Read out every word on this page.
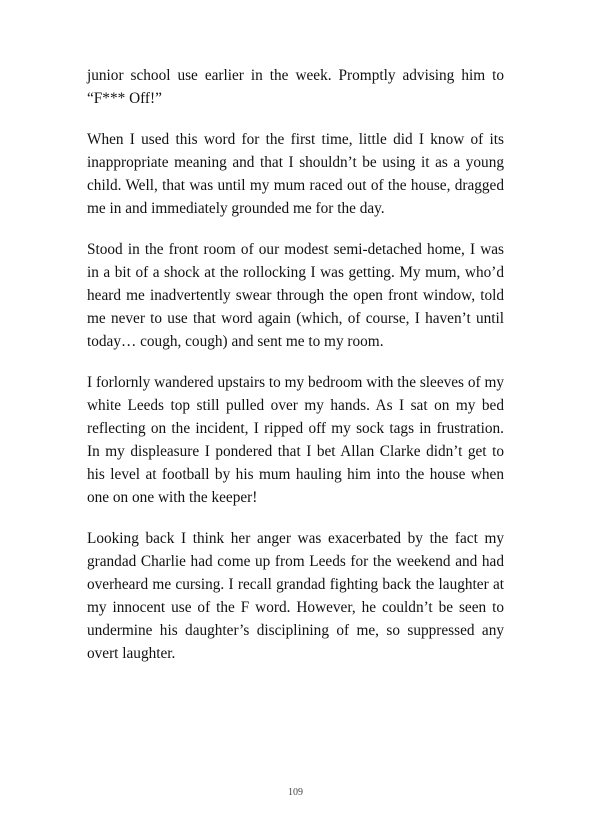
junior school use earlier in the week. Promptly advising him to “F*** Off!”

When I used this word for the first time, little did I know of its inappropriate meaning and that I shouldn’t be using it as a young child. Well, that was until my mum raced out of the house, dragged me in and immediately grounded me for the day.

Stood in the front room of our modest semi-detached home, I was in a bit of a shock at the rollocking I was getting. My mum, who’d heard me inadvertently swear through the open front window, told me never to use that word again (which, of course, I haven’t until today… cough, cough) and sent me to my room.

I forlornly wandered upstairs to my bedroom with the sleeves of my white Leeds top still pulled over my hands. As I sat on my bed reflecting on the incident, I ripped off my sock tags in frustration. In my displeasure I pondered that I bet Allan Clarke didn’t get to his level at football by his mum hauling him into the house when one on one with the keeper!

Looking back I think her anger was exacerbated by the fact my grandad Charlie had come up from Leeds for the weekend and had overheard me cursing. I recall grandad fighting back the laughter at my innocent use of the F word. However, he couldn’t be seen to undermine his daughter’s disciplining of me, so suppressed any overt laughter.

109
